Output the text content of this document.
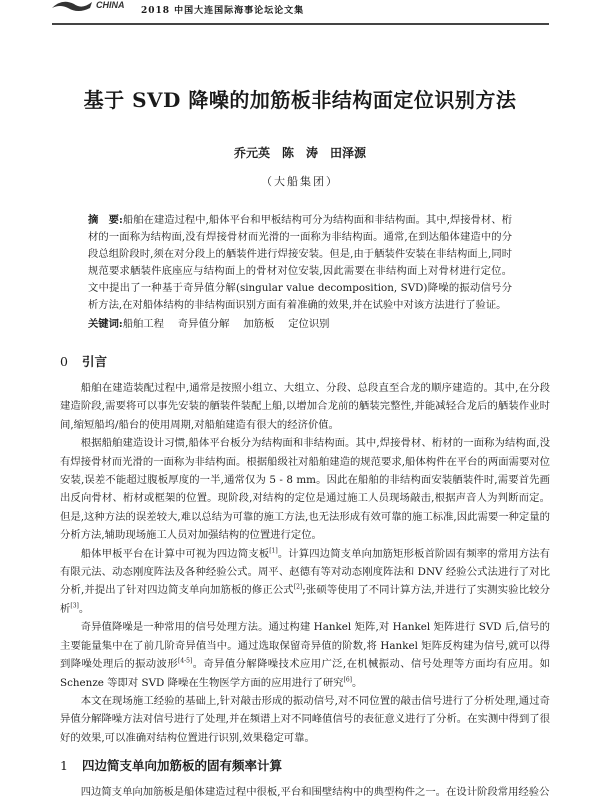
CHINA
2018 中国大连国际海事论坛论文集
基于 SVD 降噪的加筋板非结构面定位识别方法
乔元英　陈　涛　田泽源
（大船集团）
摘　要:船舶在建造过程中,船体平台和甲板结构可分为结构面和非结构面。其中,焊接骨材、桁材的一面称为结构面,没有焊接骨材而光滑的一面称为非结构面。通常,在到达船体建造中的分段总组阶段时,须在对分段上的舾装件进行焊接安装。但是,由于舾装件安装在非结构面上,同时规范要求舾装件底座应与结构面上的骨材对位安装,因此需要在非结构面上对骨材进行定位。文中提出了一种基于奇异值分解(singular value decomposition, SVD)降噪的振动信号分析方法,在对船体结构的非结构面识别方面有着准确的效果,并在试验中对该方法进行了验证。
关键词:船舶工程 奇异值分解 加筋板 定位识别
0 引言

船舶在建造装配过程中,通常是按照小组立、大组立、分段、总段直至合龙的顺序建造的。其中,在分段建造阶段,需要将可以事先安装的舾装件装配上船,以增加合龙前的舾装完整性,并能减轻合龙后的舾装作业时间,缩短船坞/船台的使用周期,对船舶建造有很大的经济价值。

根据船舶建造设计习惯,船体平台板分为结构面和非结构面。其中,焊接骨材、桁材的一面称为结构面,没有焊接骨材而光滑的一面称为非结构面。根据船级社对船舶建造的规范要求,船体构件在平台的两面需要对位安装,误差不能超过腹板厚度的一半,通常仅为 5 - 8 mm。因此在船舶的非结构面安装舾装件时,需要首先画出反向骨材、桁材或框架的位置。现阶段,对结构的定位是通过施工人员现场敲击,根据声音人为判断而定。但是,这种方法的误差较大,难以总结为可靠的施工方法,也无法形成有效可靠的施工标准,因此需要一种定量的分析方法,辅助现场施工人员对加强结构的位置进行定位。

船体甲板平台在计算中可视为四边简支板[1]。计算四边简支单向加筋矩形板首阶固有频率的常用方法有有限元法、动态刚度阵法及各种经验公式。周平、赵德有等对动态刚度阵法和 DNV 经验公式法进行了对比分析,并提出了针对四边简支单向加筋板的修正公式[2];张硕等使用了不同计算方法,并进行了实测实验比较分析[3]。

奇异值降噪是一种常用的信号处理方法。通过构建 Hankel 矩阵,对 Hankel 矩阵进行 SVD 后,信号的主要能量集中在了前几阶奇异值当中。通过选取保留奇异值的阶数,将 Hankel 矩阵反构建为信号,就可以得到降噪处理后的振动波形[4-5]。奇异值分解降噪技术应用广泛,在机械振动、信号处理等方面均有应用。如 Schenze 等即对 SVD 降噪在生物医学方面的应用进行了研究[6]。

本文在现场施工经验的基础上,针对敲击形成的振动信号,对不同位置的敲击信号进行了分析处理,通过奇异值分解降噪方法对信号进行了处理,并在频谱上对不同峰值信号的表征意义进行了分析。在实测中得到了很好的效果,可以准确对结构位置进行识别,效果稳定可靠。

1 四边简支单向加筋板的固有频率计算
四边简支单向加筋板是船体建造过程中很板,平台和围壁结构中的典型构件之一。在设计阶段常用经验公
